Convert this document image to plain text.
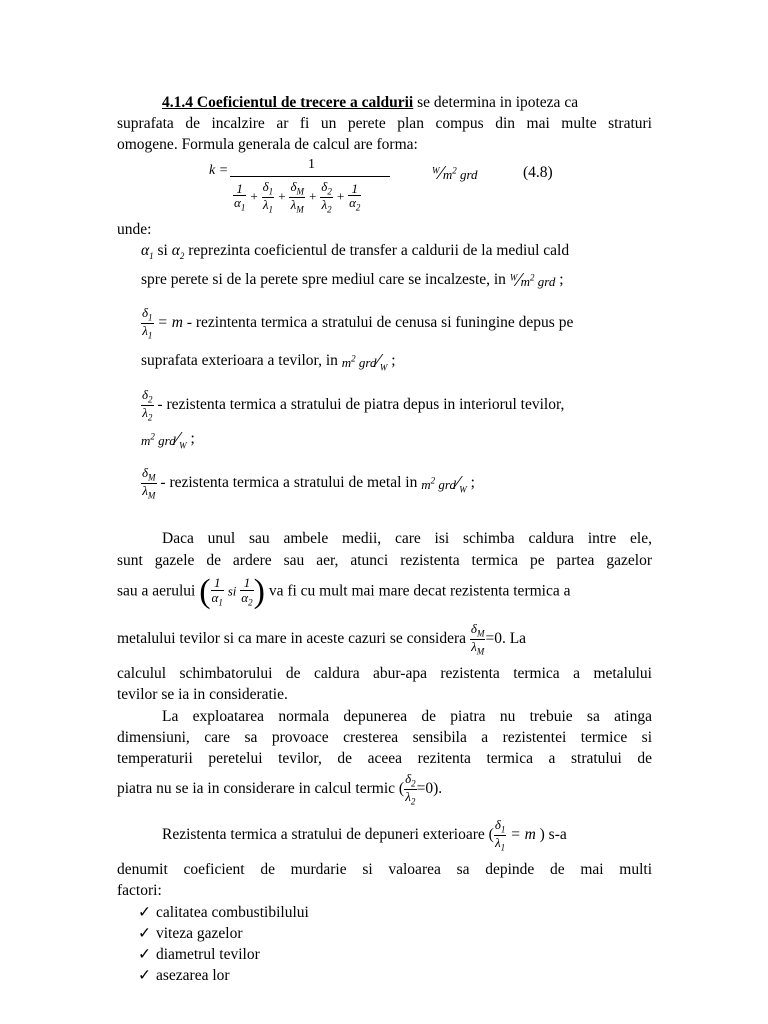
4.1.4 Coeficientul de trecere a caldurii se determina in ipoteza ca
suprafata de incalzire ar fi un perete plan compus din mai multe straturi
omogene. Formula generala de calcul are forma:
k =	1
$\frac{1}{\alpha_1} + \frac{\delta_1}{\lambda_1} + \frac{\delta_M}{\lambda_M} + \frac{\delta_2}{\lambda_2} + \frac{1}{\alpha_2}$
$^W⁄m^2$ grd	(4.8)
unde:
$\alpha_1$ si $\alpha_2$ reprezinta coeficientul de transfer a caldurii de la mediul cald
spre perete si de la perete spre mediul care se incalzeste, in $^W⁄m^2$ grd ;
$\frac{\delta_1}{\lambda_1} = m$ - rezintenta termica a stratului de cenusa si funingine depus pe
suprafata exterioara a tevilor, in $m^2$ $grd⁄_W$ ;
$\frac{\delta_2}{\lambda_2}$ - rezistenta termica a stratului de piatra depus in interiorul tevilor,
$m^2$ $grd⁄_W$ ;
$\frac{\delta_M}{\lambda_M}$ - rezistenta termica a stratului de metal in $m^2$ $grd⁄_W$ ;
Daca unul sau ambele medii, care isi schimba caldura intre ele,
sunt gazele de ardere sau aer, atunci rezistenta termica pe partea gazelor
sau a aerului ( $\frac{1}{\alpha_1}$ si $\frac{1}{\alpha_2}$ ) va fi cu mult mai mare decat rezistenta termica a
metalului tevilor si ca mare in aceste cazuri se considera $\frac{\delta_M}{\lambda_M} =0$. La
calculul schimbatorului de caldura abur-apa rezistenta termica a metalului
tevilor se ia in consideratie.
La exploatarea normala depunerea de piatra nu trebuie sa atinga
dimensiuni, care sa provoace cresterea sensibila a rezistentei termice si
temperaturii peretelui tevilor, de aceea rezitenta termica a stratului de
piatra nu se ia in considerare in calcul termic ( $\frac{\delta_2}{\lambda_2} =0$).
Rezistenta termica a stratului de depuneri exterioare ( $\frac{\delta_1}{\lambda_1} = m$ ) s-a
denumit coeficient de murdarie si valoarea sa depinde de mai multi
factori:
✓ calitatea combustibilului
✓ viteza gazelor
✓ diametrul tevilor
✓ asezarea lor
